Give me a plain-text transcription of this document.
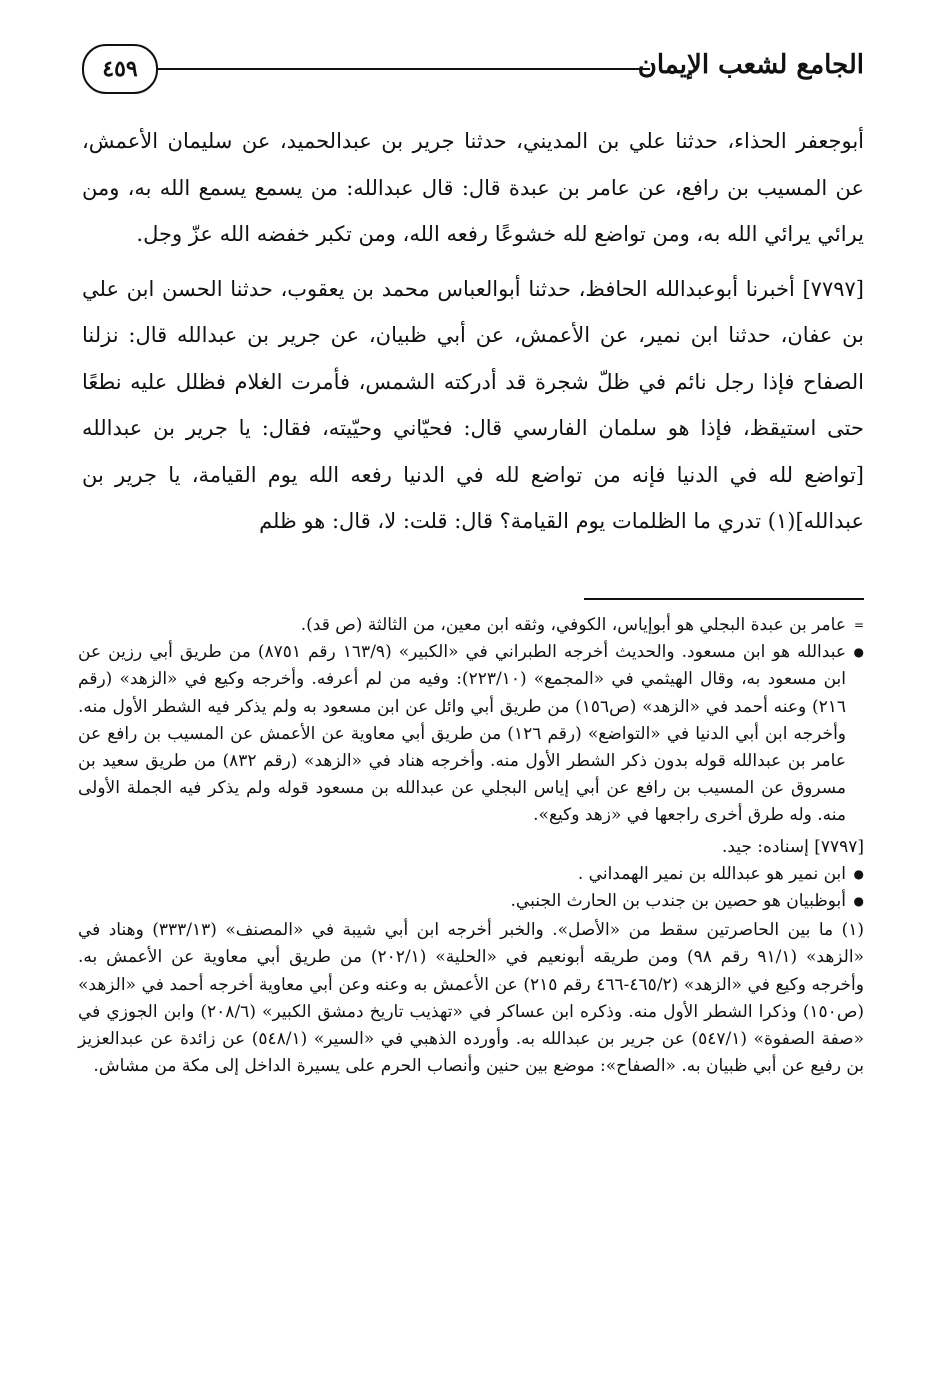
الجامع لشعب الإيمان
٤٥٩

أبوجعفر الحذاء، حدثنا علي بن المديني، حدثنا جرير بن عبدالحميد، عن سليمان الأعمش، عن المسيب بن رافع، عن عامر بن عبدة قال: قال عبدالله: من يسمع يسمع الله به، ومن يرائي يرائي الله به، ومن تواضع لله خشوعًا رفعه الله، ومن تكبر خفضه الله عزّ وجل.

[٧٧٩٧] أخبرنا أبوعبدالله الحافظ، حدثنا أبوالعباس محمد بن يعقوب، حدثنا الحسن ابن علي بن عفان، حدثنا ابن نمير، عن الأعمش، عن أبي ظبيان، عن جرير بن عبدالله قال: نزلنا الصفاح فإذا رجل نائم في ظلّ شجرة قد أدركته الشمس، فأمرت الغلام فظلل عليه نطعًا حتى استيقظ، فإذا هو سلمان الفارسي قال: فحيّاني وحيّيته، فقال: يا جرير بن عبدالله [تواضع لله في الدنيا فإنه من تواضع لله في الدنيا رفعه الله يوم القيامة، يا جرير بن عبدالله](١) تدري ما الظلمات يوم القيامة؟ قال: قلت: لا، قال: هو ظلم

= عامر بن عبدة البجلي هو أبوإياس، الكوفي، وثقه ابن معين، من الثالثة (ص قد).

● عبدالله هو ابن مسعود. والحديث أخرجه الطبراني في «الكبير» (١٦٣/٩ رقم ٨٧٥١) من طريق أبي رزين عن ابن مسعود به، وقال الهيثمي في «المجمع» (٢٢٣/١٠): وفيه من لم أعرفه. وأخرجه وكيع في «الزهد» (رقم ٢١٦) وعنه أحمد في «الزهد» (ص١٥٦) من طريق أبي وائل عن ابن مسعود به ولم يذكر فيه الشطر الأول منه. وأخرجه ابن أبي الدنيا في «التواضع» (رقم ١٢٦) من طريق أبي معاوية عن الأعمش عن المسيب بن رافع عن عامر بن عبدالله قوله بدون ذكر الشطر الأول منه. وأخرجه هناد في «الزهد» (رقم ٨٣٢) من طريق سعيد بن مسروق عن المسيب بن رافع عن أبي إياس البجلي عن عبدالله بن مسعود قوله ولم يذكر فيه الجملة الأولى منه. وله طرق أخرى راجعها في «زهد وكيع».

[٧٧٩٧] إسناده: جيد.

● ابن نمير هو عبدالله بن نمير الهمداني .

● أبوظبيان هو حصين بن جندب بن الحارث الجنبي.

(١) ما بين الحاصرتين سقط من «الأصل». والخبر أخرجه ابن أبي شيبة في «المصنف» (٣٣٣/١٣) وهناد في «الزهد» (٩١/١ رقم ٩٨) ومن طريقه أبونعيم في «الحلية» (٢٠٢/١) من طريق أبي معاوية عن الأعمش به. وأخرجه وكيع في «الزهد» (٤٦٥/٢-٤٦٦ رقم ٢١٥) عن الأعمش به وعنه وعن أبي معاوية أخرجه أحمد في «الزهد» (ص١٥٠) وذكرا الشطر الأول منه. وذكره ابن عساكر في «تهذيب تاريخ دمشق الكبير» (٢٠٨/٦) وابن الجوزي في «صفة الصفوة» (٥٤٧/١) عن جرير بن عبدالله به. وأورده الذهبي في «السير» (٥٤٨/١) عن زائدة عن عبدالعزيز بن رفيع عن أبي ظبيان به. «الصفاح»: موضع بين حنين وأنصاب الحرم على يسيرة الداخل إلى مكة من مشاش.
